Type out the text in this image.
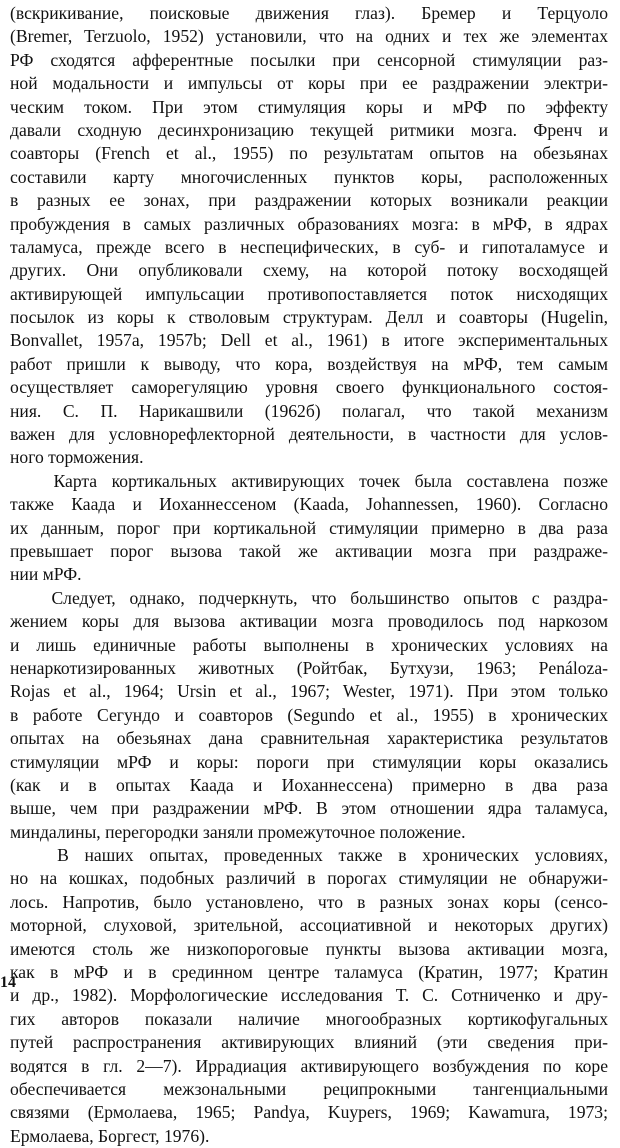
(вскрикивание, поисковые движения глаз). Бремер и Терцуоло
(Bremer, Terzuolo, 1952) установили, что на одних и тех же элементах
РФ сходятся афферентные посылки при сенсорной стимуляции раз-
ной модальности и импульсы от коры при ее раздражении электри-
ческим током. При этом стимуляция коры и мРФ по эффекту
давали сходную десинхронизацию текущей ритмики мозга. Френч и
соавторы (French et al., 1955) по результатам опытов на обезьянах
составили карту многочисленных пунктов коры, расположенных
в разных ее зонах, при раздражении которых возникали реакции
пробуждения в самых различных образованиях мозга: в мРФ, в ядрах
таламуса, прежде всего в неспецифических, в суб- и гипоталамусе и
других. Они опубликовали схему, на которой потоку восходящей
активирующей импульсации противопоставляется поток нисходящих
посылок из коры к стволовым структурам. Делл и соавторы (Hugelin,
Bonvallet, 1957a, 1957b; Dell et al., 1961) в итоге экспериментальных
работ пришли к выводу, что кора, воздействуя на мРФ, тем самым
осуществляет саморегуляцию уровня своего функционального состоя-
ния. С. П. Нарикашвили (1962б) полагал, что такой механизм
важен для условнорефлекторной деятельности, в частности для услов-
ного торможения.
Карта кортикальных активирующих точек была составлена позже
также Каада и Иоханнессеном (Kaada, Johannessen, 1960). Согласно
их данным, порог при кортикальной стимуляции примерно в два раза
превышает порог вызова такой же активации мозга при раздраже-
нии мРФ.
Следует, однако, подчеркнуть, что большинство опытов с раздра-
жением коры для вызова активации мозга проводилось под наркозом
и лишь единичные работы выполнены в хронических условиях на
ненаркотизированных животных (Ройтбак, Бутхузи, 1963; Penáloza-
Rojas et al., 1964; Ursin et al., 1967; Wester, 1971). При этом только
в работе Сегундо и соавторов (Segundo et al., 1955) в хронических
опытах на обезьянах дана сравнительная характеристика результатов
стимуляции мРФ и коры: пороги при стимуляции коры оказались
(как и в опытах Каада и Иоханнессена) примерно в два раза
выше, чем при раздражении мРФ. В этом отношении ядра таламуса,
миндалины, перегородки заняли промежуточное положение.
В наших опытах, проведенных также в хронических условиях,
но на кошках, подобных различий в порогах стимуляции не обнаружи-
лось. Напротив, было установлено, что в разных зонах коры (сенсо-
моторной, слуховой, зрительной, ассоциативной и некоторых других)
имеются столь же низкопороговые пункты вызова активации мозга,
как в мРФ и в срединном центре таламуса (Кратин, 1977; Кратин
и др., 1982). Морфологические исследования Т. С. Сотниченко и дру-
гих авторов показали наличие многообразных кортикофугальных
путей распространения активирующих влияний (эти сведения при-
водятся в гл. 2—7). Иррадиация активирующего возбуждения по коре
обеспечивается межзональными реципрокными тангенциальными
связями (Ермолаева, 1965; Pandya, Kuypers, 1969; Kawamura, 1973;
Ермолаева, Боргест, 1976).
14
